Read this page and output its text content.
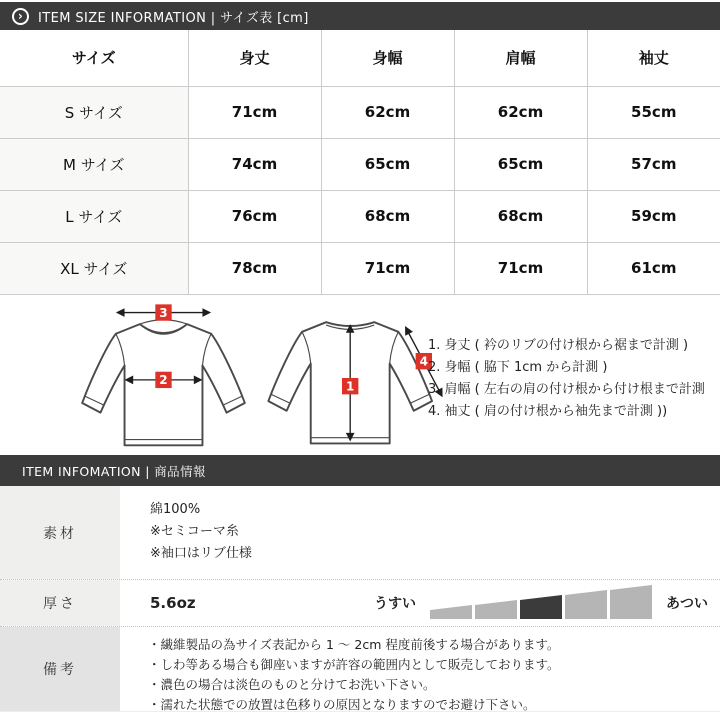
›	ITEM SIZE INFORMATION | サイズ表 [cm]
サイズ	身丈	身幅	肩幅	袖丈
S サイズ	71cm	62cm	62cm	55cm
M サイズ	74cm	65cm	65cm	57cm
L サイズ	76cm	68cm	68cm	59cm
XL サイズ	78cm	71cm	71cm	61cm
3
2	1
4
1. 身丈 ( 衿のリブの付け根から裾まで計測 )
2. 身幅 ( 脇下 1cm から計測 )
3. 肩幅 ( 左右の肩の付け根から付け根まで計測
4. 袖丈 ( 肩の付け根から袖先まで計測 ))
ITEM INFOMATION | 商品情報
素材
綿100%
※セミコーマ糸
※袖口はリブ仕様
厚さ	5.6oz	うすい	あつい
備考
・繊維製品の為サイズ表記から 1 ～ 2cm 程度前後する場合があります。
・しわ等ある場合も御座いますが許容の範囲内として販売しております。
・濃色の場合は淡色のものと分けてお洗い下さい。
・濡れた状態での放置は色移りの原因となりますのでお避け下さい。
